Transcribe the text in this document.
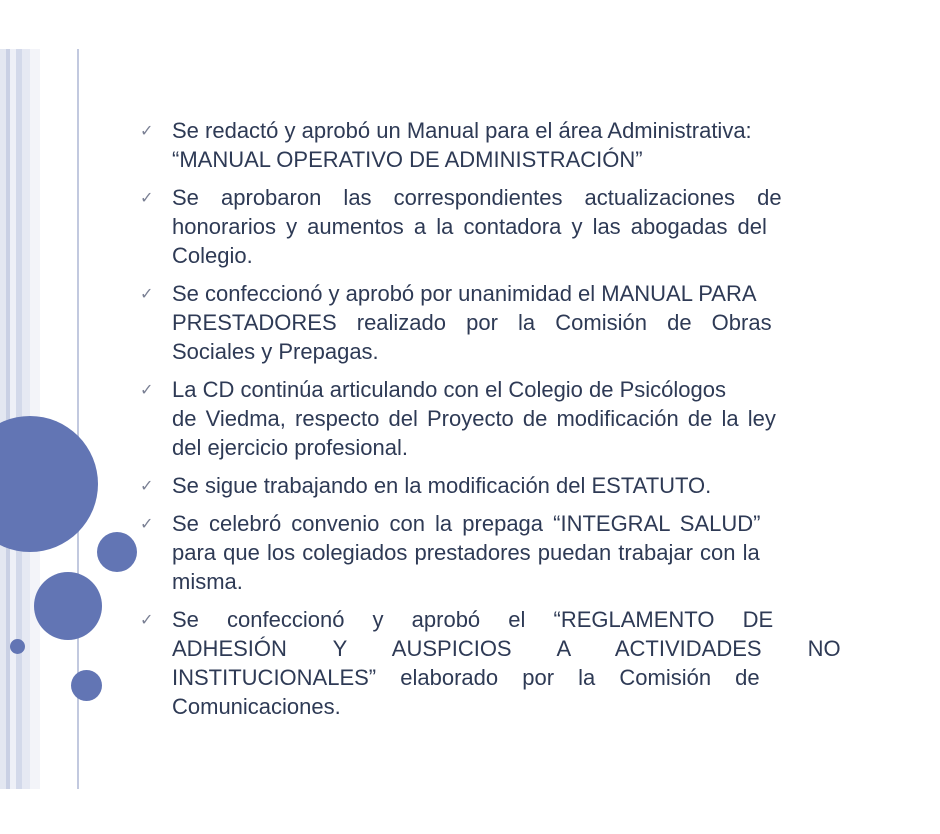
✓ Se redactó y aprobó un Manual para el área Administrativa:
“MANUAL OPERATIVO DE ADMINISTRACIÓN”
✓ Se aprobaron las correspondientes actualizaciones de
honorarios y aumentos a la contadora y las abogadas del
Colegio.
✓ Se confeccionó y aprobó por unanimidad el MANUAL PARA
PRESTADORES realizado por la Comisión de Obras
Sociales y Prepagas.
✓ La CD continúa articulando con el Colegio de Psicólogos
de Viedma, respecto del Proyecto de modificación de la ley
del ejercicio profesional.
✓ Se sigue trabajando en la modificación del ESTATUTO.
✓ Se celebró convenio con la prepaga “INTEGRAL SALUD”
para que los colegiados prestadores puedan trabajar con la
misma.
✓ Se confeccionó y aprobó el “REGLAMENTO DE
ADHESIÓN Y AUSPICIOS A ACTIVIDADES NO
INSTITUCIONALES” elaborado por la Comisión de
Comunicaciones.
